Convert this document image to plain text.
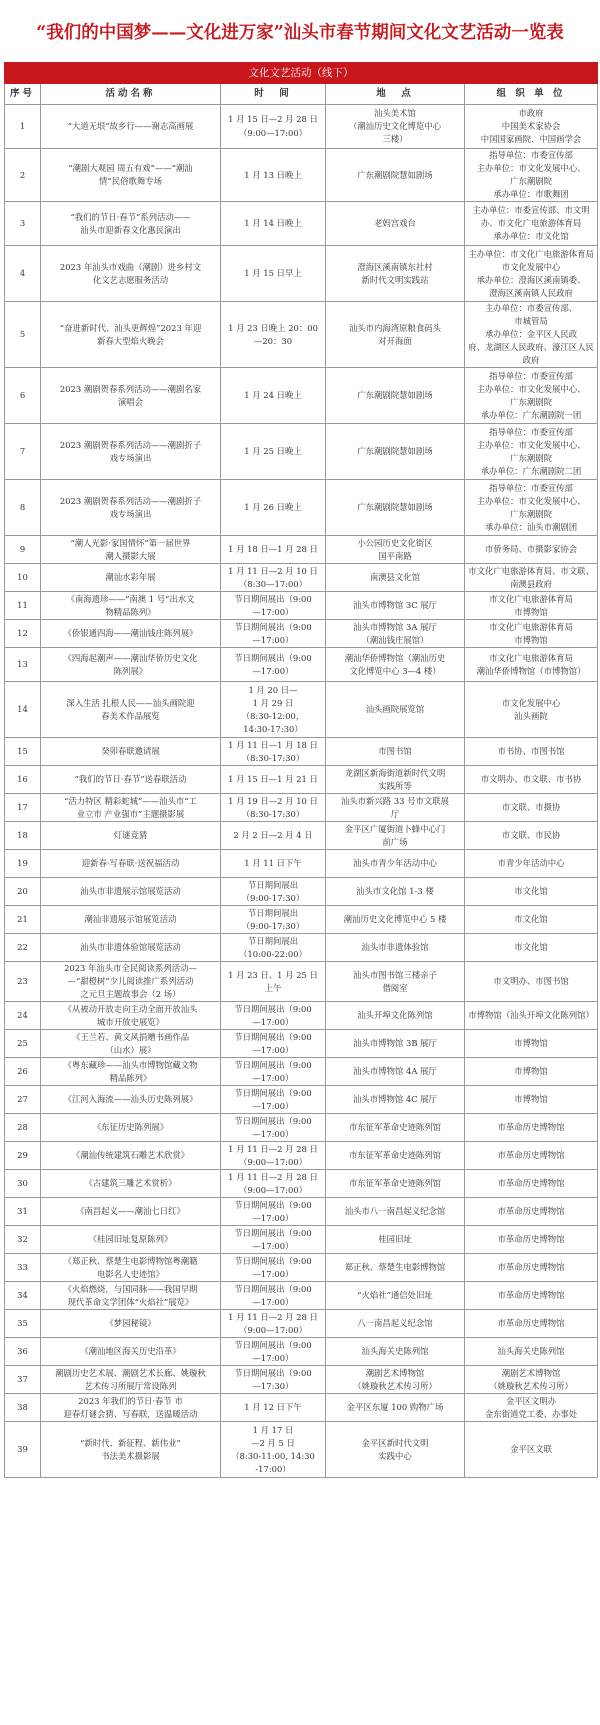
“我们的中国梦——文化进万家”汕头市春节期间文化文艺活动一览表
文化文艺活动（线下）				
序号	活动名称	时　间	地　点	组 织 单 位
1	“大道无垠”故乡行——谢志高画展	1 月 15 日—2 月 28 日
（9:00—17:00）	汕头美术馆
（潮汕历史文化博览中心
三楼）	市政府
中国美术家协会
中国国家画院、中国画学会
2	“潮剧大观园 周五有戏”——“潮汕
情”民俗歌舞专场	1 月 13 日晚上	广东潮剧院慧如剧场	指导单位：市委宣传部
主办单位：市文化发展中心、
广东潮剧院
承办单位：市歌舞团
3	“我们的节日·春节”系列活动——
汕头市迎新春文化惠民演出	1 月 14 日晚上	老妈宫戏台	主办单位：市委宣传部、市文明
办、市文化广电旅游体育局
承办单位：市文化馆
4	2023 年汕头市戏曲（潮剧）进乡村文
化文艺志愿服务活动	1 月 15 日早上	澄海区溪南镇东社村
新时代文明实践站	主办单位：市文化广电旅游体育局
市文化发展中心
承办单位：澄海区溪南镇委、
澄海区溪南镇人民政府
5	“奋进新时代、汕头更辉煌”2023 年迎
新春大型焰火晚会	1 月 23 日晚上 20：00
—20：30	汕头市内海湾原粮食码头
对开海面	主办单位：市委宣传部、
市城管局
承办单位：金平区人民政
府、龙湖区人民政府、濠江区人民政府
6	2023 潮剧贺春系列活动——潮剧名家
演唱会	1 月 24 日晚上	广东潮剧院慧如剧场	指导单位：市委宣传部
主办单位：市文化发展中心、
广东潮剧院
承办单位：广东潮剧院一团
7	2023 潮剧贺春系列活动——潮剧折子
戏专场演出	1 月 25 日晚上	广东潮剧院慧如剧场	指导单位：市委宣传部
主办单位：市文化发展中心、
广东潮剧院
承办单位：广东潮剧院二团
8	2023 潮剧贺春系列活动——潮剧折子
戏专场演出	1 月 26 日晚上	广东潮剧院慧如剧场	指导单位：市委宣传部
主办单位：市文化发展中心、
广东潮剧院
承办单位：汕头市潮剧团
9	“潮人光影·家国情怀”第一届世界
潮人摄影大展	1 月 18 日—1 月 28 日	小公园历史文化街区
国平南路	市侨务局、市摄影家协会
10	潮汕水彩年展	1 月 11 日—2 月 10 日
（8:30—17:00）	南澳县文化馆	市文化广电旅游体育局、市文联、
南澳县政府
11	《南海遗珍——“南澳 1 号”出水文
物精品陈列》	节日期间展出（9:00
—17:00）	汕头市博物馆 3C 展厅	市文化广电旅游体育局
市博物馆
12	《侨银通四海——潮汕钱庄陈列展》	节日期间展出（9:00
—17:00）	汕头市博物馆 3A 展厅
（潮汕钱庄展馆）	市文化广电旅游体育局
市博物馆
13	《四海起潮声——潮汕华侨历史文化
陈列展》	节日期间展出（9:00
—17:00）	潮汕华侨博物馆（潮汕历史
文化博览中心 3—4 楼）	市文化广电旅游体育局
潮汕华侨博物馆（市博物馆）
14	深入生活 扎根人民——汕头画院迎
春美术作品展览	1 月 20 日—
1 月 29 日
（8:30-12:00，
14:30-17:30）	汕头画院展览馆	市文化发展中心
汕头画院
15	癸卯春联邀请展	1 月 11 日—1 月 18 日
（8:30-17:30）	市图书馆	市书协、市图书馆
16	“我们的节日·春节”送春联活动	1 月 15 日—1 月 21 日	龙湖区新海街道新时代文明
实践所等	市文明办、市文联、市书协
17	“活力特区 精彩蛇城”——汕头市“工
业立市 产业强市”主题摄影展	1 月 19 日—2 月 10 日
（8:30-17:30）	汕头市新兴路 33 号市文联展
厅	市文联、市摄协
18	灯谜竞猜	2 月 2 日—2 月 4 日	金平区广厦街道卜蜂中心门
前广场	市文联、市民协
19	迎新春·写春联·送祝福活动	1 月 11 日下午	汕头市青少年活动中心	市青少年活动中心
20	汕头市非遗展示馆展览活动	节日期间展出
（9:00-17:30）	汕头市文化馆 1-3 楼	市文化馆
21	潮汕非遗展示馆展览活动	节日期间展出
（9:00-17:30）	潮汕历史文化博览中心 5 楼	市文化馆
22	汕头市非遗体验馆展览活动	节日期间展出
（10:00-22:00）	汕头市非遗体验馆	市文化馆
23	2023 年汕头市全民阅读系列活动—
—“甜橙树”少儿阅读推广系列活动
之元旦主题故事会（2 场）	1 月 23 日、1 月 25 日
上午	汕头市图书馆三楼亲子
借阅室	市文明办、市图书馆
24	《从被动开放走向主动全面开放汕头
城市开放史展览》	节日期间展出（9:00
—17:00）	汕头开埠文化陈列馆	市博物馆（汕头开埠文化陈列馆）
25	《王兰若、黄文风捐赠书画作品
（山水）展》	节日期间展出（9:00
—17:00）	汕头市博物馆 3B 展厅	市博物馆
26	《粤东藏珍——汕头市博物馆藏文物
精品陈列》	节日期间展出（9:00
—17:00）	汕头市博物馆 4A 展厅	市博物馆
27	《江河入海流——汕头历史陈列展》	节日期间展出（9:00
—17:00）	汕头市博物馆 4C 展厅	市博物馆
28	《东征历史陈列展》	节日期间展出（9:00
—17:00）	市东征军革命史迹陈列馆	市革命历史博物馆
29	《潮汕传统建筑石雕艺术欣赏》	1 月 11 日—2 月 28 日
（9:00—17:00）	市东征军革命史迹陈列馆	市革命历史博物馆
30	《古建筑三雕艺术赏析》	1 月 11 日—2 月 28 日
（9:00—17:00）	市东征军革命史迹陈列馆	市革命历史博物馆
31	《南昌起义——潮汕七日红》	节日期间展出（9:00
—17:00）	汕头市八一南昌起义纪念馆	市革命历史博物馆
32	《桂园旧址复原陈列》	节日期间展出（9:00
—17:00）	桂园旧址	市革命历史博物馆
33	《郑正秋、蔡楚生电影博物馆粤潮籍
电影名人史迹馆》	节日期间展出（9:00
—17:00）	郑正秋、蔡楚生电影博物馆	市革命历史博物馆
34	《火焰燃烧，与国同脉——我国早期
现代革命文学团体“火焰社”展览》	节日期间展出（9:00
—17:00）	“火焰社”通信处旧址	市革命历史博物馆
35	《梦园秘镜》	1 月 11 日—2 月 28 日
（9:00—17:00）	八一南昌起义纪念馆	市革命历史博物馆
36	《潮汕地区海关历史沿革》	节日期间展出（9:00
—17:00）	汕头海关史陈列馆	汕头海关史陈列馆
37	潮剧历史艺术展、潮剧艺术长廊、姚璇秋
艺术传习所展厅常设陈列	节日期间展出（9:00
—17:30）	潮剧艺术博物馆
（姚璇秋艺术传习所）	潮剧艺术博物馆
（姚璇秋艺术传习所）
38	2023 年我们的节日·春节 市
迎春灯谜会猜、写春联，送温暖活动	1 月 12 日下午	金平区东厦 100 购物广场	金平区文明办
金东街道党工委、办事处
39	“新时代、新征程、新伟业”
书法美术摄影展	1 月 17 日
—2 月 5 日
（8:30-11:00, 14:30
-17:00）	金平区新时代文明
实践中心	金平区文联
